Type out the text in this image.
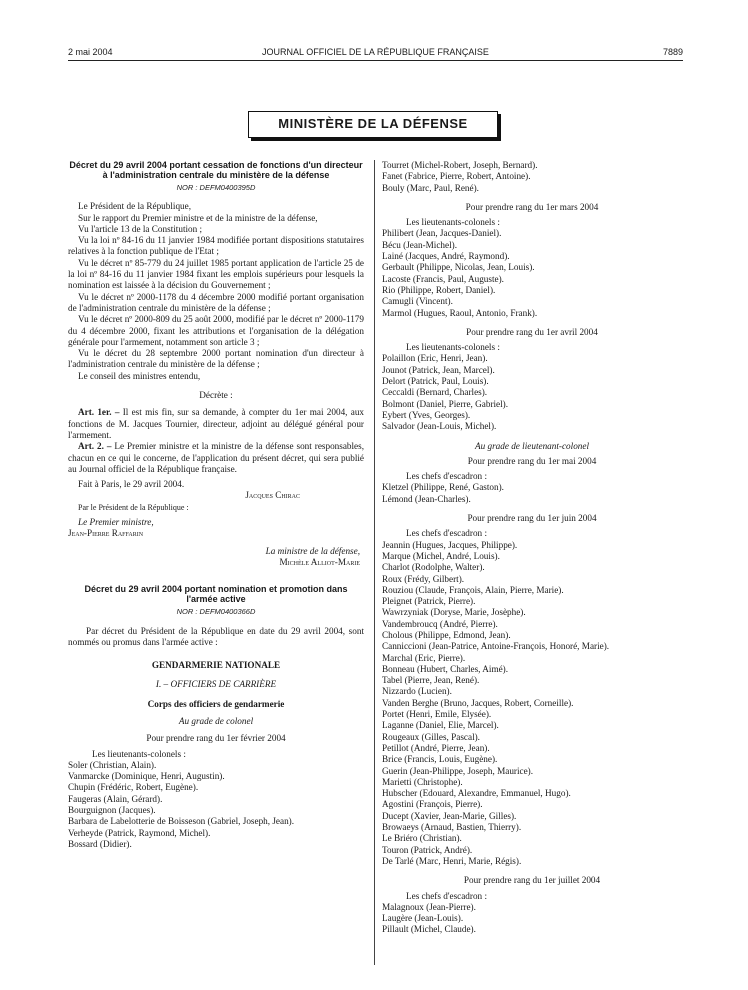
2 mai 2004	JOURNAL OFFICIEL DE LA RÉPUBLIQUE FRANÇAISE	7889
MINISTÈRE DE LA DÉFENSE
Décret du 29 avril 2004 portant cessation de fonctions d'un directeur à l'administration centrale du ministère de la défense
NOR : DEFM0400395D

Le Président de la République,

Sur le rapport du Premier ministre et de la ministre de la défense,

Vu l'article 13 de la Constitution ;

Vu la loi nº 84-16 du 11 janvier 1984 modifiée portant dispositions statutaires relatives à la fonction publique de l'Etat ;

Vu le décret nº 85-779 du 24 juillet 1985 portant application de l'article 25 de la loi nº 84-16 du 11 janvier 1984 fixant les emplois supérieurs pour lesquels la nomination est laissée à la décision du Gouvernement ;

Vu le décret nº 2000-1178 du 4 décembre 2000 modifié portant organisation de l'administration centrale du ministère de la défense ;

Vu le décret nº 2000-809 du 25 août 2000, modifié par le décret nº 2000-1179 du 4 décembre 2000, fixant les attributions et l'organisation de la délégation générale pour l'armement, notamment son article 3 ;

Vu le décret du 28 septembre 2000 portant nomination d'un directeur à l'administration centrale du ministère de la défense ;

Le conseil des ministres entendu,

Décrète :

Art. 1er. – Il est mis fin, sur sa demande, à compter du 1er mai 2004, aux fonctions de M. Jacques Tournier, directeur, adjoint au délégué général pour l'armement.

Art. 2. – Le Premier ministre et la ministre de la défense sont responsables, chacun en ce qui le concerne, de l'application du présent décret, qui sera publié au Journal officiel de la République française.

Fait à Paris, le 29 avril 2004.

Jacques Chirac
Par le Président de la République :
Le Premier ministre,
Jean-Pierre Raffarin
La ministre de la défense,
Michèle Alliot-Marie
Décret du 29 avril 2004 portant nomination et promotion dans l'armée active
NOR : DEFM0400366D

Par décret du Président de la République en date du 29 avril 2004, sont nommés ou promus dans l'armée active :

GENDARMERIE NATIONALE
I. – OFFICIERS DE CARRIÈRE
Corps des officiers de gendarmerie
Au grade de colonel
Pour prendre rang du 1er février 2004
Les lieutenants-colonels :
Soler (Christian, Alain).
Vanmarcke (Dominique, Henri, Augustin).
Chupin (Frédéric, Robert, Eugène).
Faugeras (Alain, Gérard).
Bourguignon (Jacques).
Barbara de Labelotterie de Boisseson (Gabriel, Joseph, Jean).
Verheyde (Patrick, Raymond, Michel).
Bossard (Didier).
Tourret (Michel-Robert, Joseph, Bernard).
Fanet (Fabrice, Pierre, Robert, Antoine).
Bouly (Marc, Paul, René).
Pour prendre rang du 1er mars 2004
Les lieutenants-colonels :
Philibert (Jean, Jacques-Daniel).
Bécu (Jean-Michel).
Lainé (Jacques, André, Raymond).
Gerbault (Philippe, Nicolas, Jean, Louis).
Lacoste (Francis, Paul, Auguste).
Rio (Philippe, Robert, Daniel).
Camugli (Vincent).
Marmol (Hugues, Raoul, Antonio, Frank).
Pour prendre rang du 1er avril 2004
Les lieutenants-colonels :
Polaillon (Eric, Henri, Jean).
Jounot (Patrick, Jean, Marcel).
Delort (Patrick, Paul, Louis).
Ceccaldi (Bernard, Charles).
Bolmont (Daniel, Pierre, Gabriel).
Eybert (Yves, Georges).
Salvador (Jean-Louis, Michel).
Au grade de lieutenant-colonel
Pour prendre rang du 1er mai 2004
Les chefs d'escadron :
Kletzel (Philippe, René, Gaston).
Lémond (Jean-Charles).
Pour prendre rang du 1er juin 2004
Les chefs d'escadron :
Jeannin (Hugues, Jacques, Philippe).
Marque (Michel, André, Louis).
Charlot (Rodolphe, Walter).
Roux (Frédy, Gilbert).
Rouziou (Claude, François, Alain, Pierre, Marie).
Pleignet (Patrick, Pierre).
Wawrzyniak (Doryse, Marie, Josèphe).
Vandembroucq (André, Pierre).
Cholous (Philippe, Edmond, Jean).
Canniccioni (Jean-Patrice, Antoine-François, Honoré, Marie).
Marchal (Eric, Pierre).
Bonneau (Hubert, Charles, Aimé).
Tabel (Pierre, Jean, René).
Nizzardo (Lucien).
Vanden Berghe (Bruno, Jacques, Robert, Corneille).
Portet (Henri, Emile, Elysée).
Laganne (Daniel, Elie, Marcel).
Rougeaux (Gilles, Pascal).
Petillot (André, Pierre, Jean).
Brice (Francis, Louis, Eugène).
Guerin (Jean-Philippe, Joseph, Maurice).
Marietti (Christophe).
Hubscher (Edouard, Alexandre, Emmanuel, Hugo).
Agostini (François, Pierre).
Ducept (Xavier, Jean-Marie, Gilles).
Browaeys (Arnaud, Bastien, Thierry).
Le Briéro (Christian).
Touron (Patrick, André).
De Tarlé (Marc, Henri, Marie, Régis).
Pour prendre rang du 1er juillet 2004
Les chefs d'escadron :
Malagnoux (Jean-Pierre).
Laugère (Jean-Louis).
Pillault (Michel, Claude).
